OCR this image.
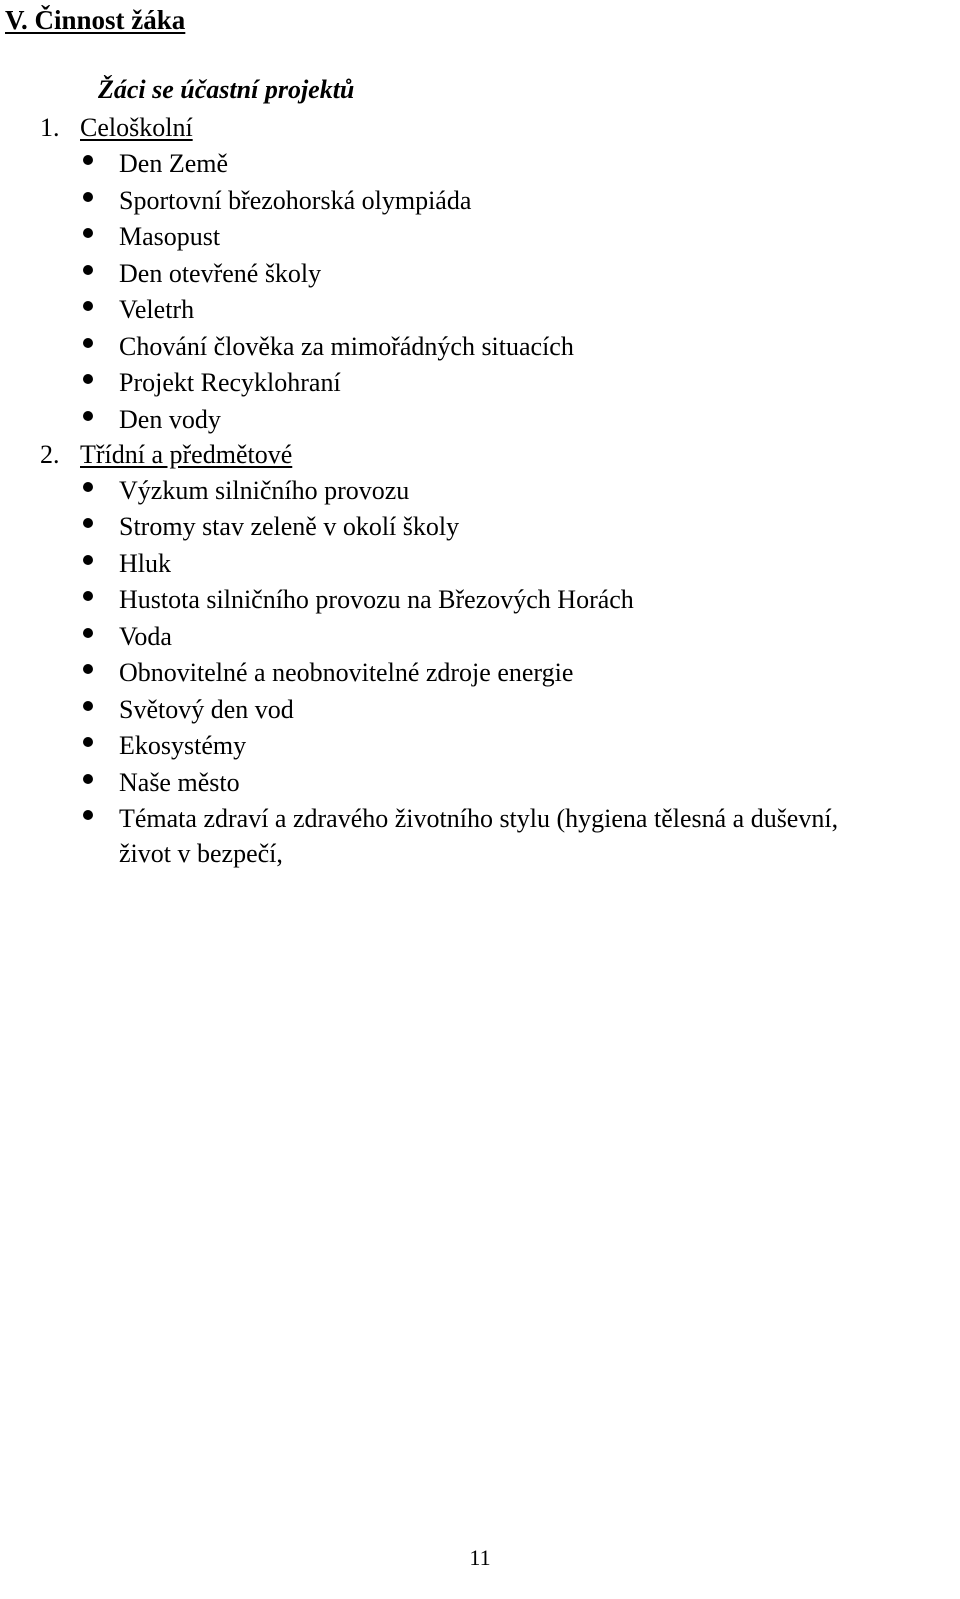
V. Činnost žáka
Žáci se účastní projektů
1. Celoškolní
Den Země
Sportovní březohorská olympiáda
Masopust
Den otevřené školy
Veletrh
Chování člověka za mimořádných situacích
Projekt Recyklohraní
Den vody
2. Třídní a předmětové
Výzkum silničního provozu
Stromy stav zeleně v okolí školy
Hluk
Hustota silničního provozu na Březových Horách
Voda
Obnovitelné a neobnovitelné zdroje energie
Světový den vod
Ekosystémy
Naše město
Témata zdraví a zdravého životního stylu (hygiena tělesná a duševní,
život v bezpečí,
11
